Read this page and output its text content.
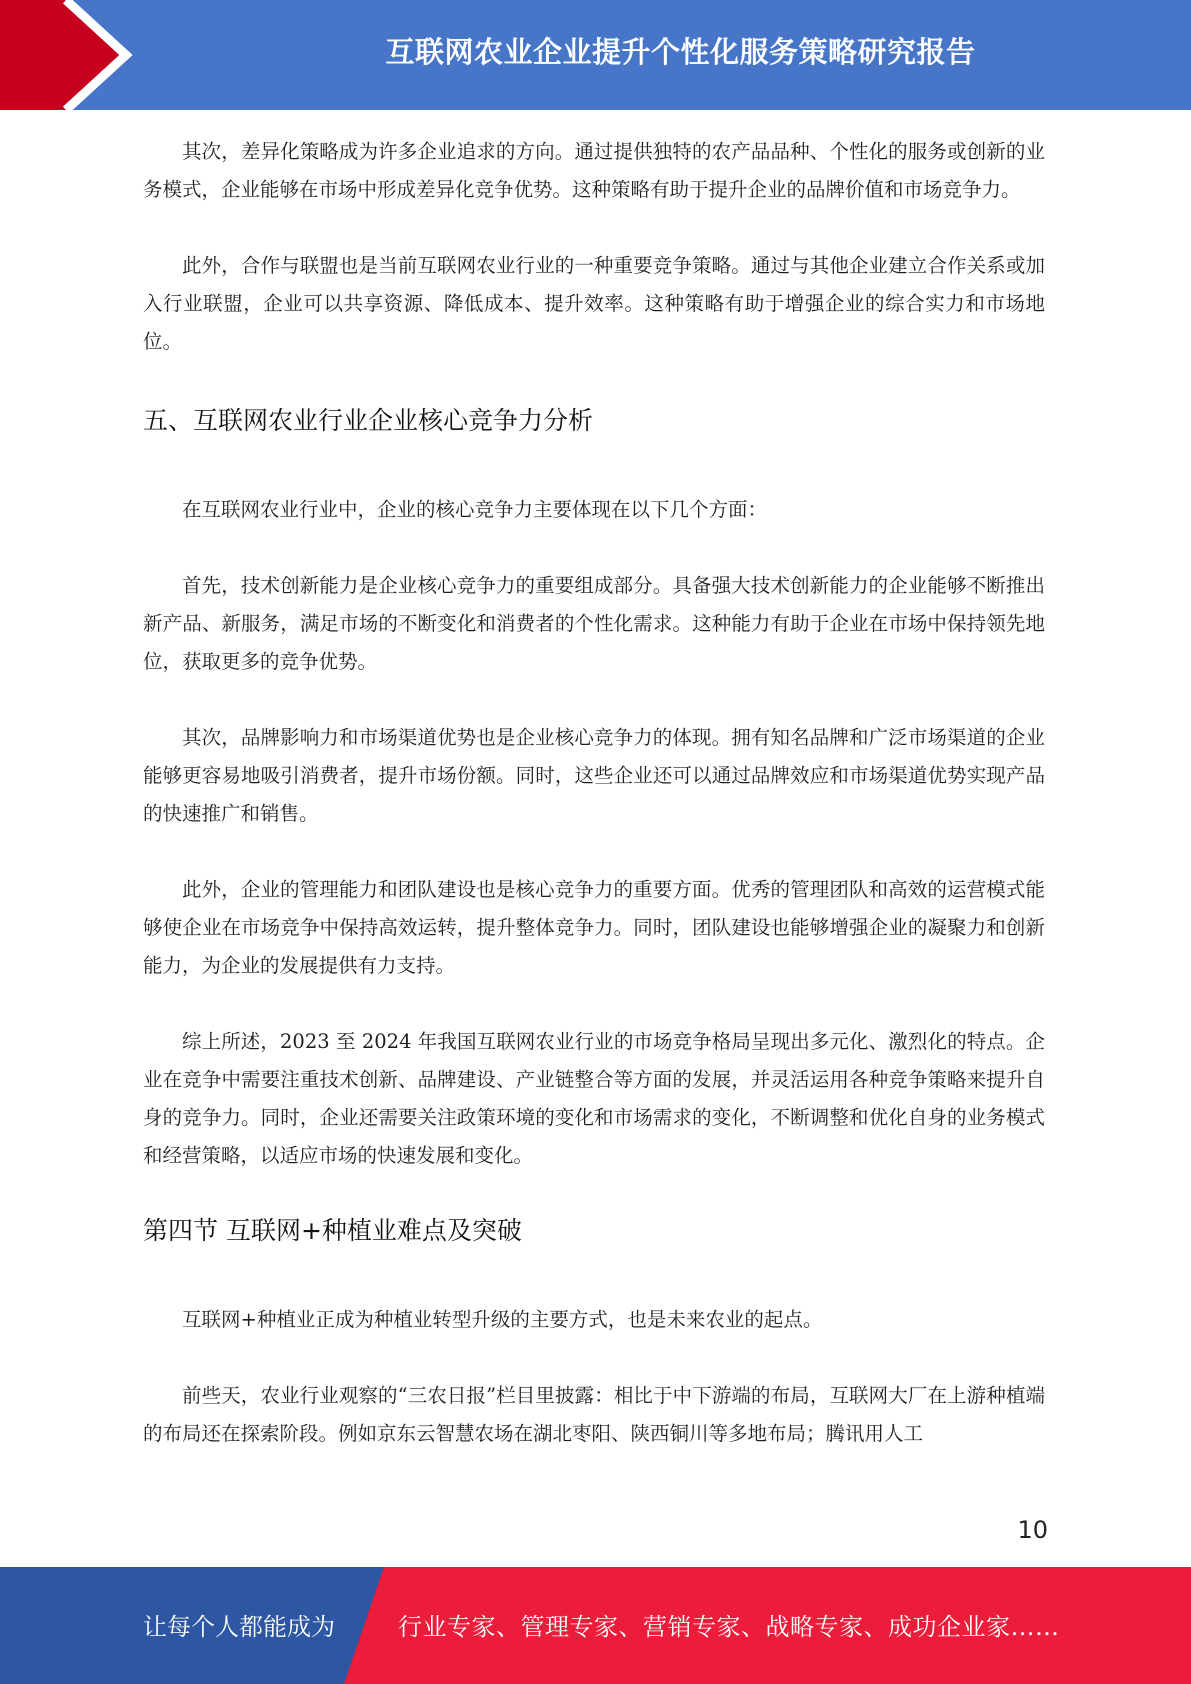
互联网农业企业提升个性化服务策略研究报告

其次，差异化策略成为许多企业追求的方向。通过提供独特的农产品品种、个性化的服务或创新的业务模式，企业能够在市场中形成差异化竞争优势。这种策略有助于提升企业的品牌价值和市场竞争力。

此外，合作与联盟也是当前互联网农业行业的一种重要竞争策略。通过与其他企业建立合作关系或加入行业联盟，企业可以共享资源、降低成本、提升效率。这种策略有助于增强企业的综合实力和市场地位。

五、互联网农业行业企业核心竞争力分析

在互联网农业行业中，企业的核心竞争力主要体现在以下几个方面：

首先，技术创新能力是企业核心竞争力的重要组成部分。具备强大技术创新能力的企业能够不断推出新产品、新服务，满足市场的不断变化和消费者的个性化需求。这种能力有助于企业在市场中保持领先地位，获取更多的竞争优势。

其次，品牌影响力和市场渠道优势也是企业核心竞争力的体现。拥有知名品牌和广泛市场渠道的企业能够更容易地吸引消费者，提升市场份额。同时，这些企业还可以通过品牌效应和市场渠道优势实现产品的快速推广和销售。

此外，企业的管理能力和团队建设也是核心竞争力的重要方面。优秀的管理团队和高效的运营模式能够使企业在市场竞争中保持高效运转，提升整体竞争力。同时，团队建设也能够增强企业的凝聚力和创新能力，为企业的发展提供有力支持。

综上所述，2023 至 2024 年我国互联网农业行业的市场竞争格局呈现出多元化、激烈化的特点。企业在竞争中需要注重技术创新、品牌建设、产业链整合等方面的发展，并灵活运用各种竞争策略来提升自身的竞争力。同时，企业还需要关注政策环境的变化和市场需求的变化，不断调整和优化自身的业务模式和经营策略，以适应市场的快速发展和变化。

第四节 互联网+种植业难点及突破

互联网+种植业正成为种植业转型升级的主要方式，也是未来农业的起点。

前些天，农业行业观察的“三农日报”栏目里披露：相比于中下游端的布局，互联网大厂在上游种植端的布局还在探索阶段。例如京东云智慧农场在湖北枣阳、陕西铜川等多地布局；腾讯用人工

10
让每个人都能成为	行业专家、管理专家、营销专家、战略专家、成功企业家……
